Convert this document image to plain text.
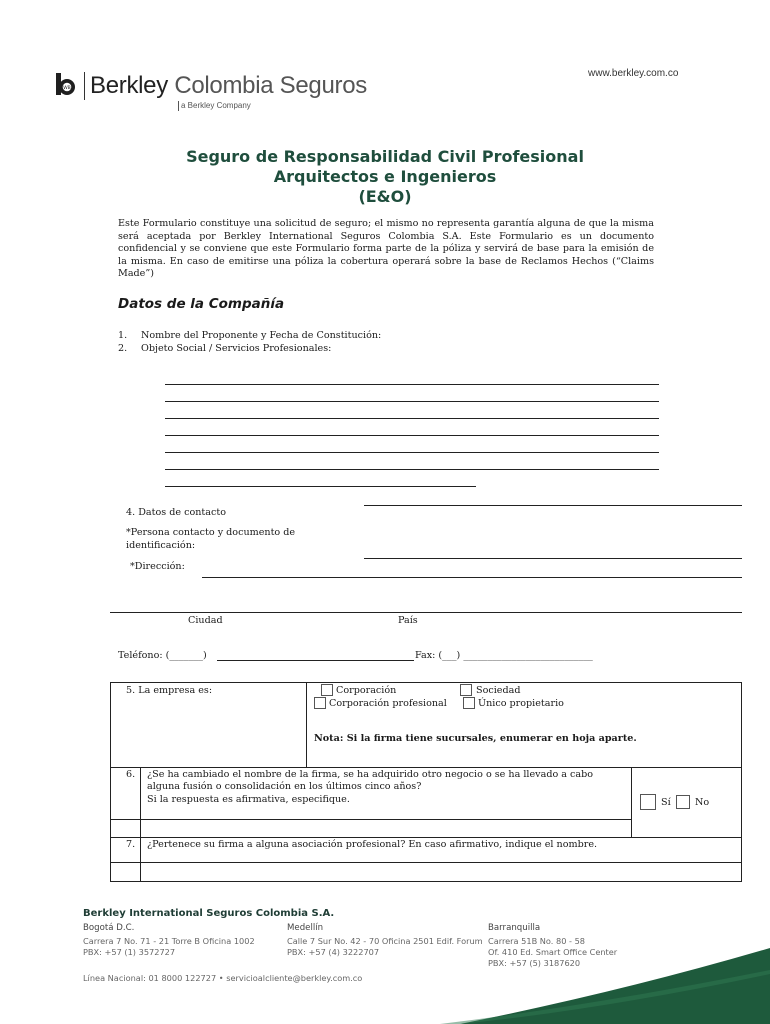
WB Berkley Colombia Seguros
a Berkley Company
www.berkley.com.co
Seguro de Responsabilidad Civil Profesional
Arquitectos e Ingenieros
(E&O)
Este Formulario constituye una solicitud de seguro; el mismo no representa garantía alguna de que la misma será aceptada por Berkley International Seguros Colombia S.A. Este Formulario es un documento confidencial y se conviene que este Formulario forma parte de la póliza y servirá de base para la emisión de la misma. En caso de emitirse una póliza la cobertura operará sobre la base de Reclamos Hechos (“Claims Made”)
Datos de la Compañía
1. Nombre del Proponente y Fecha de Constitución:
2. Objeto Social / Servicios Profesionales:
4. Datos de contacto
*Persona contacto y documento de
identificación:
*Dirección:
Ciudad	País
Teléfono: (_______)	Fax: (___) ___________________________
5. La empresa es:	Corporación	Sociedad
Corporación profesional	Único propietario
Nota: Si la firma tiene sucursales, enumerar en hoja aparte.
6. ¿Se ha cambiado el nombre de la firma, se ha adquirido otro negocio o se ha llevado a cabo
alguna fusión o consolidación en los últimos cinco años?
Si la respuesta es afirmativa, especifique.	Sí	No
7. ¿Pertenece su firma a alguna asociación profesional? En caso afirmativo, indique el nombre.
Berkley International Seguros Colombia S.A.
Bogotá D.C.
Carrera 7 No. 71 - 21 Torre B Oficina 1002
PBX: +57 (1) 3572727
Medellín
Calle 7 Sur No. 42 - 70 Oficina 2501 Edif. Forum
PBX: +57 (4) 3222707
Barranquilla
Carrera 51B No. 80 - 58
Of. 410 Ed. Smart Office Center
PBX: +57 (5) 3187620
Línea Nacional: 01 8000 122727 • servicioalcliente@berkley.com.co
